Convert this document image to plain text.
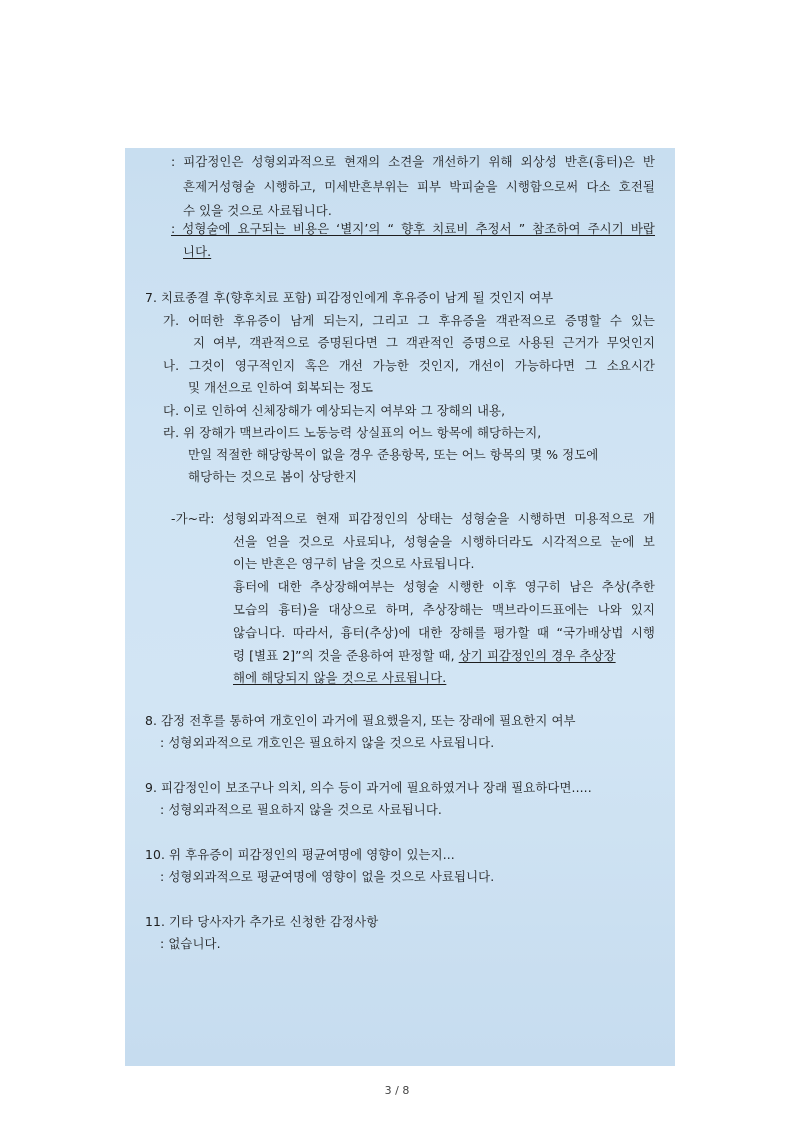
: 피감정인은 성형외과적으로 현재의 소견을 개선하기 위해 외상성 반흔(흉터)은 반
흔제거성형술 시행하고, 미세반흔부위는 피부 박피술을 시행함으로써 다소 호전될
수 있을 것으로 사료됩니다.
: 성형술에 요구되는 비용은 ‘별지’의 “ 향후 치료비 추정서 ” 참조하여 주시기 바랍
니다.
7. 치료종결 후(향후치료 포함) 피감정인에게 후유증이 남게 될 것인지 여부
가. 어떠한 후유증이 남게 되는지, 그리고 그 후유증을 객관적으로 증명할 수 있는
지 여부, 객관적으로 증명된다면 그 객관적인 증명으로 사용된 근거가 무엇인지
나. 그것이 영구적인지 혹은 개선 가능한 것인지, 개선이 가능하다면 그 소요시간
및 개선으로 인하여 회복되는 정도
다. 이로 인하여 신체장해가 예상되는지 여부와 그 장해의 내용,
라. 위 장해가 맥브라이드 노동능력 상실표의 어느 항목에 해당하는지,
만일 적절한 해당항목이 없을 경우 준용항목, 또는 어느 항목의 몇 % 정도에
해당하는 것으로 봄이 상당한지
-가~라: 성형외과적으로 현재 피감정인의 상태는 성형술을 시행하면 미용적으로 개
선을 얻을 것으로 사료되나, 성형술을 시행하더라도 시각적으로 눈에 보
이는 반흔은 영구히 남을 것으로 사료됩니다.
흉터에 대한 추상장해여부는 성형술 시행한 이후 영구히 남은 추상(추한
모습의 흉터)을 대상으로 하며, 추상장해는 맥브라이드표에는 나와 있지
않습니다. 따라서, 흉터(추상)에 대한 장해를 평가할 때 “국가배상법 시행
령 [별표 2]”의 것을 준용하여 판정할 때, 상기 피감정인의 경우 추상장
해에 해당되지 않을 것으로 사료됩니다.
8. 감정 전후를 통하여 개호인이 과거에 필요했을지, 또는 장래에 필요한지 여부
: 성형외과적으로 개호인은 필요하지 않을 것으로 사료됩니다.
9. 피감정인이 보조구나 의치, 의수 등이 과거에 필요하였거나 장래 필요하다면.....
: 성형외과적으로 필요하지 않을 것으로 사료됩니다.
10. 위 후유증이 피감정인의 평균여명에 영향이 있는지...
: 성형외과적으로 평균여명에 영향이 없을 것으로 사료됩니다.
11. 기타 당사자가 추가로 신청한 감정사항
: 없습니다.
3 / 8
